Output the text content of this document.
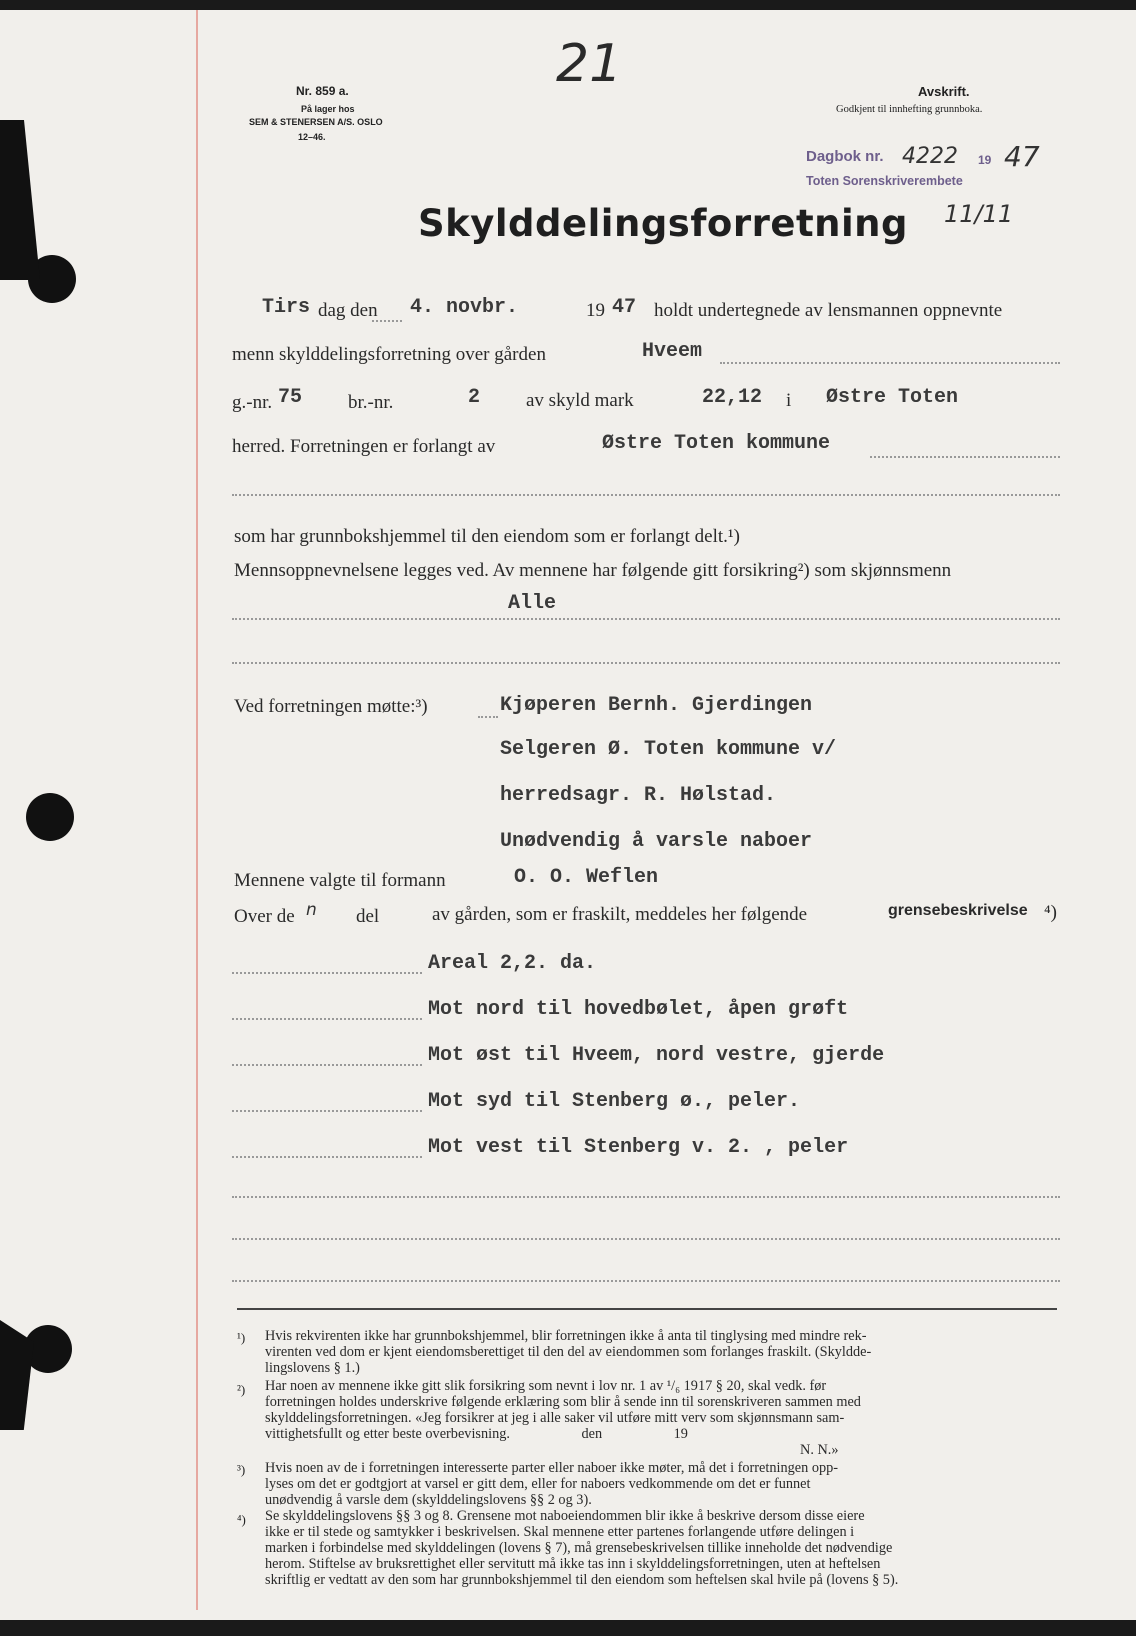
Nr. 859 a.
På lager hos
SEM & STENERSEN A/S. OSLO
12–46.
21	Avskrift.
Godkjent til innhefting grunnboka.
Dagbok nr. 4222 19 47
Toten Sorenskriverembete
11/11
Skylddelingsforretning
Tirs dag den 4. novbr.	19 47 holdt undertegnede av lensmannen oppnevnte
menn skylddelingsforretning over gården	Hveem
g.-nr. 75 br.-nr.	2 av skyld mark	22,12 i Østre Toten
herred. Forretningen er forlangt av	Østre Toten kommune
som har grunnbokshjemmel til den eiendom som er forlangt delt.¹)
Mennsoppnevnelsene legges ved. Av mennene har følgende gitt forsikring²) som skjønnsmenn
Alle
Ved forretningen møtte:³)	Kjøperen Bernh. Gjerdingen
Selgeren Ø. Toten kommune v/
herredsagr. R. Hølstad.
Unødvendig å varsle naboer
Mennene valgte til formann	O. O. Weflen
Over de n del	av gården, som er fraskilt, meddeles her følgende	grensebeskrivelse ⁴)
Areal 2,2. da.
Mot nord til hovedbølet, åpen grøft
Mot øst til Hveem, nord vestre, gjerde
Mot syd til Stenberg ø., peler.
Mot vest til Stenberg v. 2. , peler
¹) Hvis rekvirenten ikke har grunnbokshjemmel, blir forretningen ikke å anta til tinglysing med mindre rek-
virenten ved dom er kjent eiendomsberettiget til den del av eiendommen som forlanges fraskilt. (Skyldde-
lingslovens § 1.)
²) Har noen av mennene ikke gitt slik forsikring som nevnt i lov nr. 1 av ¹/₆ 1917 § 20, skal vedk. før
forretningen holdes underskrive følgende erklæring som blir å sende inn til sorenskriveren sammen med
skylddelingsforretningen. «Jeg forsikrer at jeg i alle saker vil utføre mitt verv som skjønnsmann sam-
vittighetsfullt og etter beste overbevisning.                    den                    19
N. N.»
³) Hvis noen av de i forretningen interesserte parter eller naboer ikke møter, må det i forretningen opp-
lyses om det er godtgjort at varsel er gitt dem, eller for naboers vedkommende om det er funnet
unødvendig å varsle dem (skylddelingslovens §§ 2 og 3).
⁴) Se skylddelingslovens §§ 3 og 8. Grensene mot naboeiendommen blir ikke å beskrive dersom disse eiere
ikke er til stede og samtykker i beskrivelsen. Skal mennene etter partenes forlangende utføre delingen i
marken i forbindelse med skylddelingen (lovens § 7), må grensebeskrivelsen tillike inneholde det nødvendige
herom. Stiftelse av bruksrettighet eller servitutt må ikke tas inn i skylddelingsforretningen, uten at heftelsen
skriftlig er vedtatt av den som har grunnbokshjemmel til den eiendom som heftelsen skal hvile på (lovens § 5).
